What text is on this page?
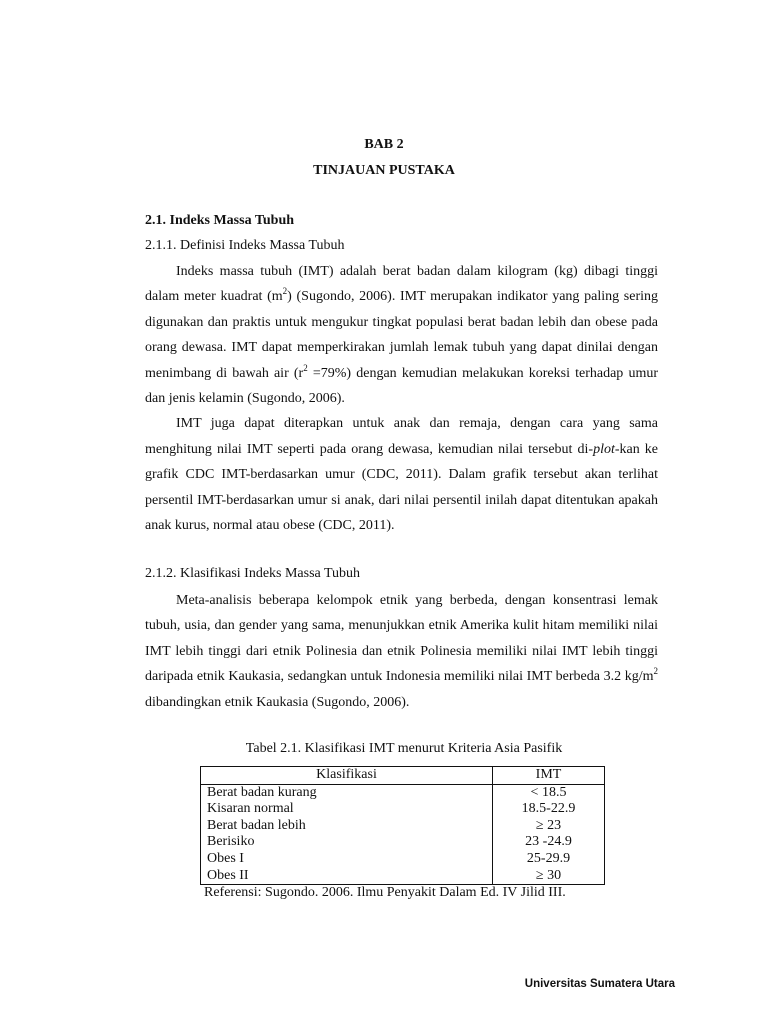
BAB 2
TINJAUAN PUSTAKA
2.1. Indeks Massa Tubuh
2.1.1. Definisi Indeks Massa Tubuh

Indeks massa tubuh (IMT) adalah berat badan dalam kilogram (kg) dibagi tinggi dalam meter kuadrat $(m^2)$ (Sugondo, 2006). IMT merupakan indikator yang paling sering digunakan dan praktis untuk mengukur tingkat populasi berat badan lebih dan obese pada orang dewasa. IMT dapat memperkirakan jumlah lemak tubuh yang dapat dinilai dengan menimbang di bawah air $(r^2 =79\%)$ dengan kemudian melakukan koreksi terhadap umur dan jenis kelamin (Sugondo, 2006).

IMT juga dapat diterapkan untuk anak dan remaja, dengan cara yang sama menghitung nilai IMT seperti pada orang dewasa, kemudian nilai tersebut di-plot-kan ke grafik CDC IMT-berdasarkan umur (CDC, 2011). Dalam grafik tersebut akan terlihat persentil IMT-berdasarkan umur si anak, dari nilai persentil inilah dapat ditentukan apakah anak kurus, normal atau obese (CDC, 2011).

2.1.2. Klasifikasi Indeks Massa Tubuh

Meta-analisis beberapa kelompok etnik yang berbeda, dengan konsentrasi lemak tubuh, usia, dan gender yang sama, menunjukkan etnik Amerika kulit hitam memiliki nilai IMT lebih tinggi dari etnik Polinesia dan etnik Polinesia memiliki nilai IMT lebih tinggi daripada etnik Kaukasia, sedangkan untuk Indonesia memiliki nilai IMT berbeda 3.2 $kg/m^2$ dibandingkan etnik Kaukasia (Sugondo, 2006).

Tabel 2.1. Klasifikasi IMT menurut Kriteria Asia Pasifik
Klasifikasi	IMT
Berat badan kurang	< 18.5
Kisaran normal	18.5-22.9
Berat badan lebih	≥ 23
Berisiko	23 -24.9
Obes I	25-29.9
Obes II	≥ 30
Referensi: Sugondo. 2006. Ilmu Penyakit Dalam Ed. IV Jilid III.
Universitas Sumatera Utara
